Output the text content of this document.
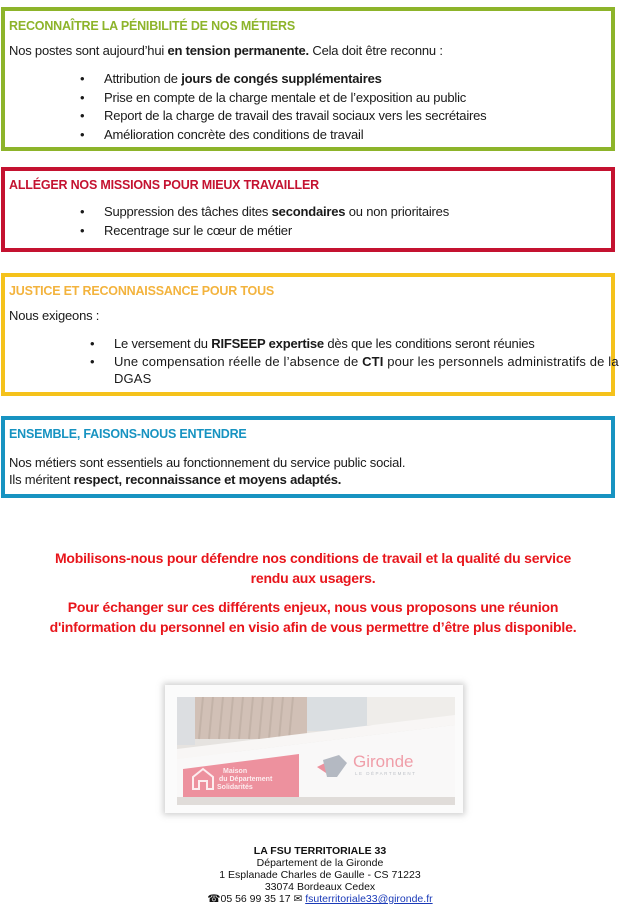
RECONNAÎTRE LA PÉNIBILITÉ DE NOS MÉTIERS
Nos postes sont aujourd’hui en tension permanente. Cela doit être reconnu :
• Attribution de jours de congés supplémentaires
• Prise en compte de la charge mentale et de l’exposition au public
• Report de la charge de travail des travail sociaux vers les secrétaires
• Amélioration concrète des conditions de travail
ALLÉGER NOS MISSIONS POUR MIEUX TRAVAILLER
• Suppression des tâches dites secondaires ou non prioritaires
• Recentrage sur le cœur de métier
JUSTICE ET RECONNAISSANCE POUR TOUS
Nous exigeons :
• Le versement du RIFSEEP expertise dès que les conditions seront réunies
• Une compensation réelle de l’absence de CTI pour les personnels administratifs de la
DGAS
ENSEMBLE, FAISONS-NOUS ENTENDRE
Nos métiers sont essentiels au fonctionnement du service public social.
Ils méritent respect, reconnaissance et moyens adaptés.
Mobilisons-nous pour défendre nos conditions de travail et la qualité du service
rendu aux usagers.
Pour échanger sur ces différents enjeux, nous vous proposons une réunion
d'information du personnel en visio afin de vous permettre d’être plus disponible.
Maison
du Département
Solidarités
Gironde
LE DÉPARTEMENT
LA FSU TERRITORIALE 33
Département de la Gironde
1 Esplanade Charles de Gaulle - CS 71223
33074 Bordeaux Cedex
☎05 56 99 35 17 ✉ fsuterritoriale33@gironde.fr
